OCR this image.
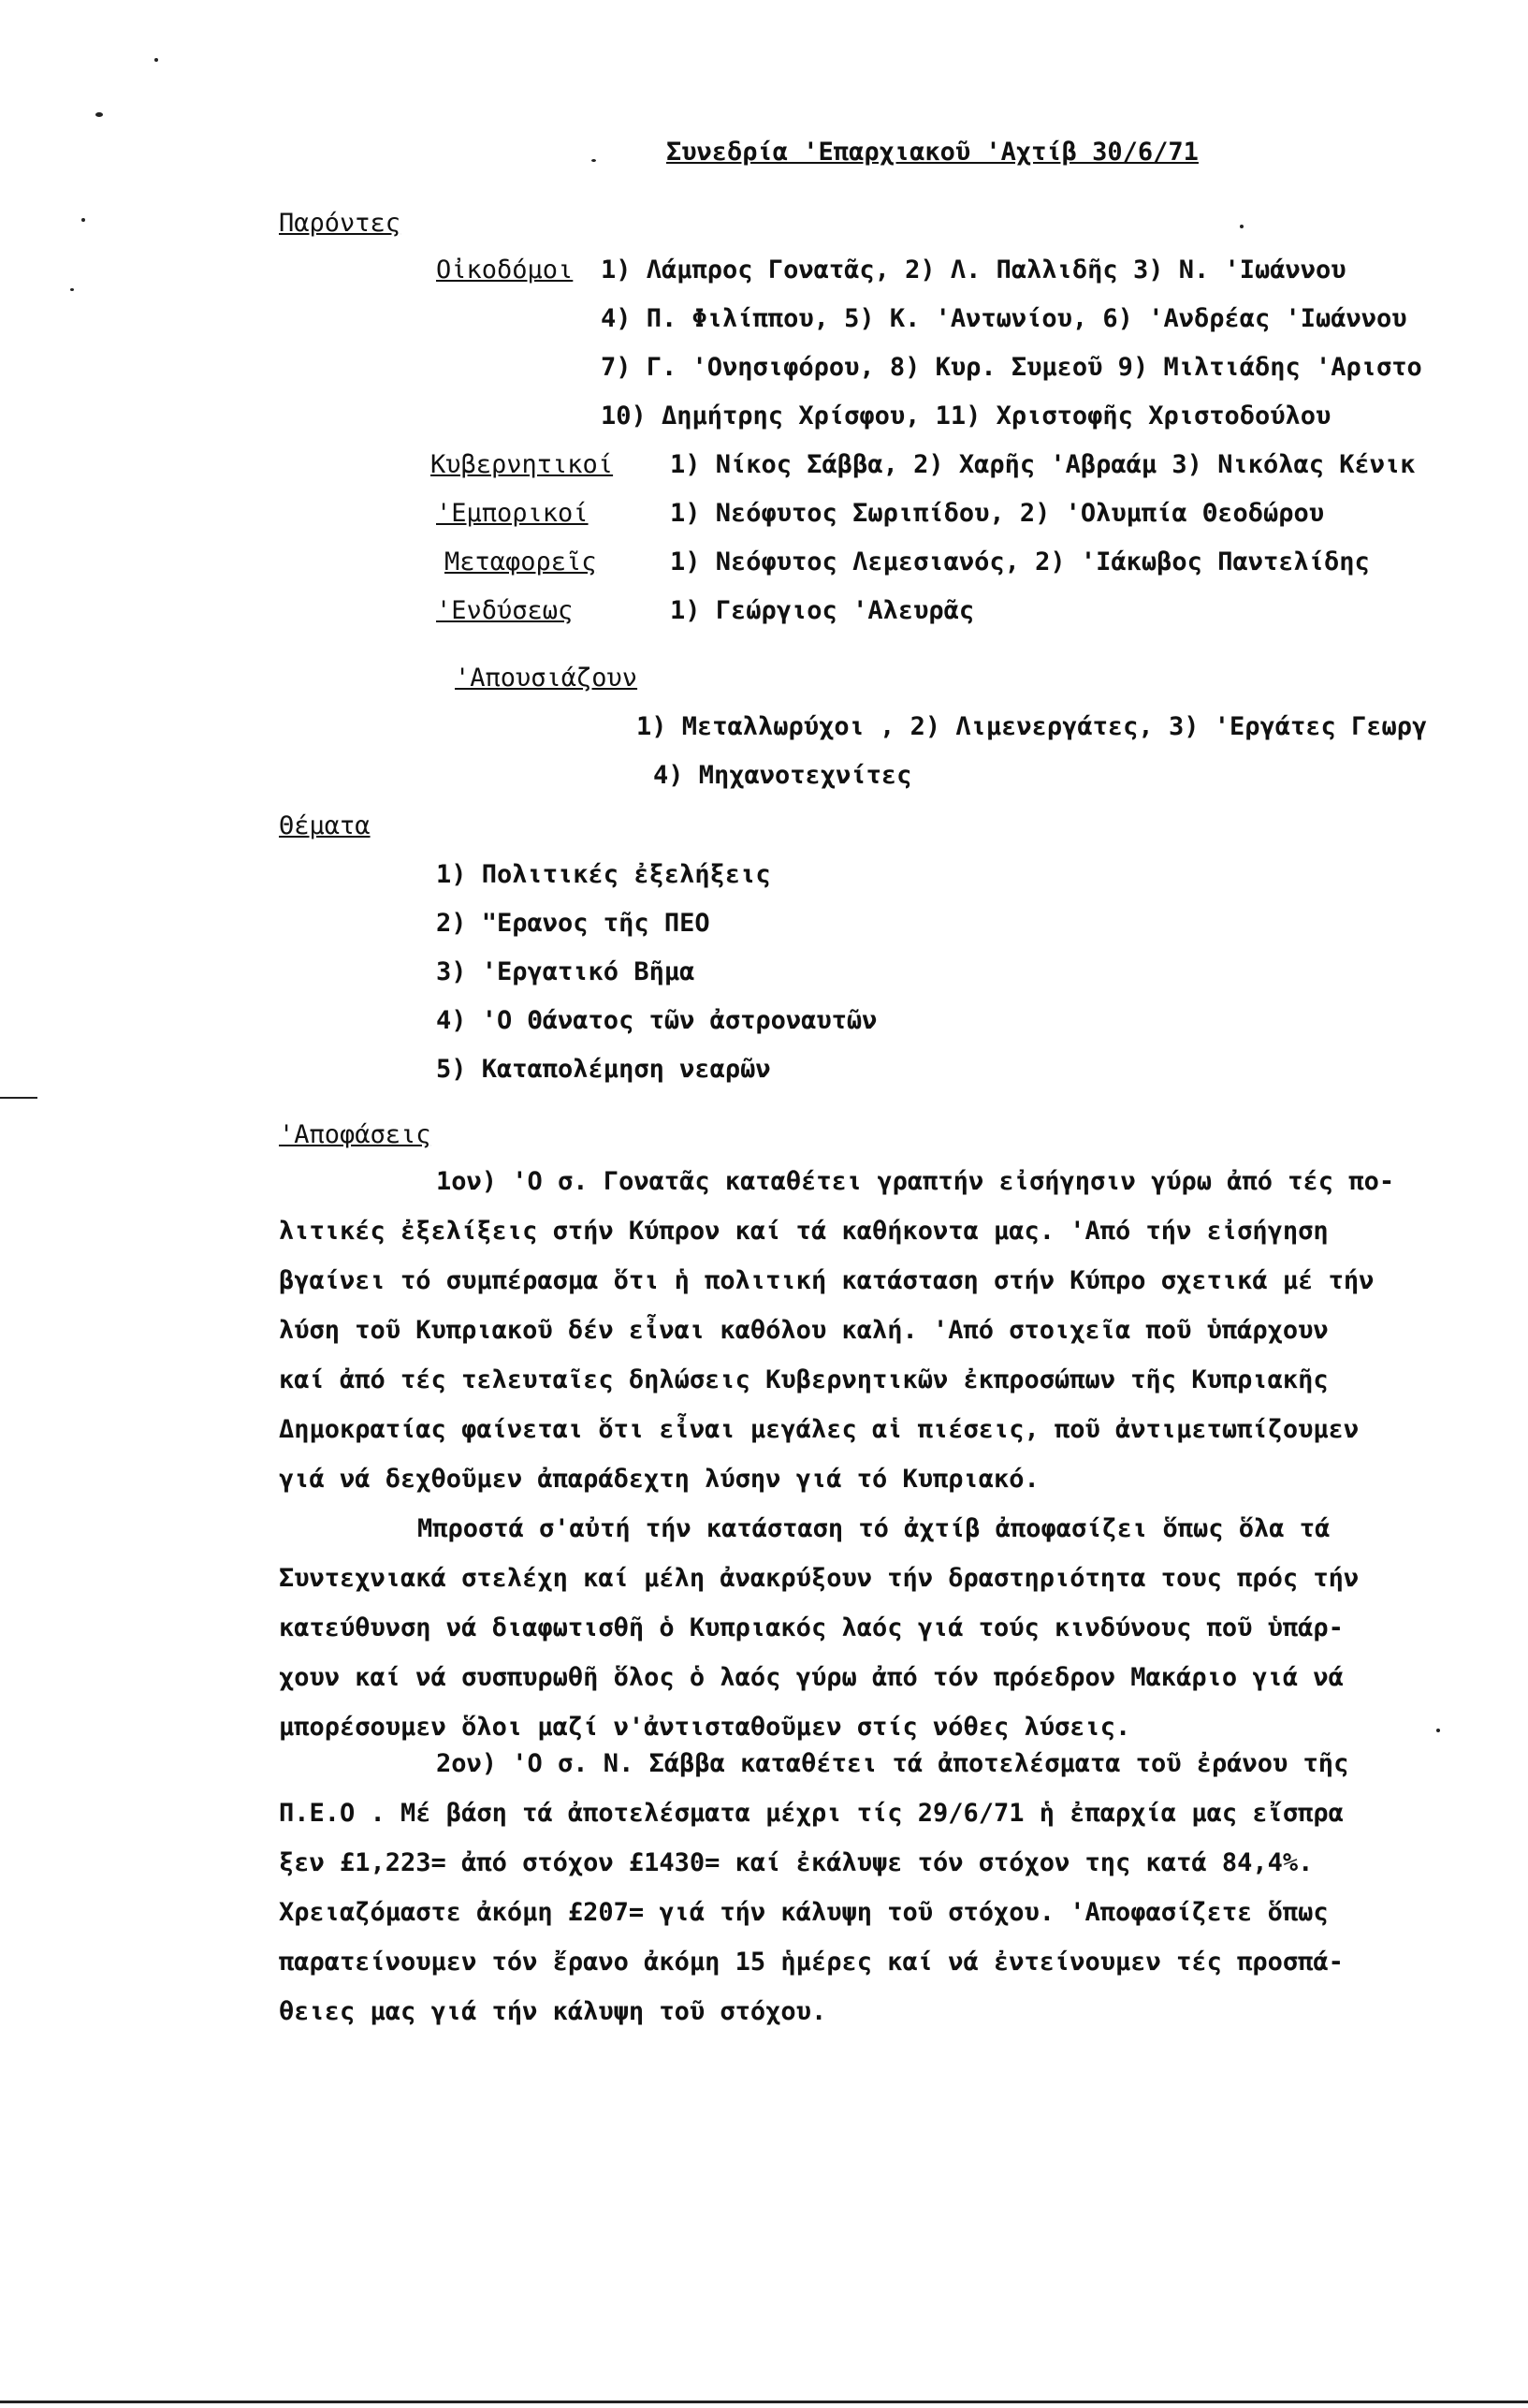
Συνεδρία 'Επαρχιακοῦ 'Αχτίβ 30/6/71
Παρόντες
Οἰκοδόμοι 1) Λάμπρος Γονατᾶς, 2) Λ. Παλλιδῆς 3) Ν. 'Ιωάννου
4) Π. Φιλίππου, 5) Κ. 'Αντωνίου, 6) 'Ανδρέας 'Ιωάννου
7) Γ. 'Ονησιφόρου, 8) Κυρ. Συμεοῦ 9) Μιλτιάδης 'Αριστο
10) Δημήτρης Χρίσφου, 11) Χριστοφῆς Χριστοδούλου
Κυβερνητικοί 1) Νίκος Σάββα, 2) Χαρῆς 'Αβραάμ 3) Νικόλας Κένικ
'Εμπορικοί	1) Νεόφυτος Σωριπίδου, 2) 'Ολυμπία Θεοδώρου
Μεταφορεῖς	1) Νεόφυτος Λεμεσιανός, 2) 'Ιάκωβος Παντελίδης
'Ενδύσεως	1) Γεώργιος 'Αλευρᾶς
'Απουσιάζουν
1) Μεταλλωρύχοι , 2) Λιμενεργάτες, 3) 'Εργάτες Γεωργ
4) Μηχανοτεχνίτες
Θέματα
1) Πολιτικές ἐξελήξεις
2) "Ερανος τῆς ΠΕΟ
3) 'Εργατικό Βῆμα
4) 'Ο Θάνατος τῶν ἀστροναυτῶν
5) Καταπολέμηση νεαρῶν
'Αποφάσεις
1ον) 'Ο σ. Γονατᾶς καταθέτει γραπτήν εἰσήγησιν γύρω ἀπό τές πο-
λιτικές ἐξελίξεις στήν Κύπρον καί τά καθήκοντα μας. 'Από τήν εἰσήγηση
βγαίνει τό συμπέρασμα ὅτι ἡ πολιτική κατάσταση στήν Κύπρο σχετικά μέ τήν
λύση τοῦ Κυπριακοῦ δέν εἶναι καθόλου καλή. 'Από στοιχεῖα ποῦ ὑπάρχουν
καί ἀπό τές τελευταῖες δηλώσεις Κυβερνητικῶν ἐκπροσώπων τῆς Κυπριακῆς
Δημοκρατίας φαίνεται ὅτι εἶναι μεγάλες αἱ πιέσεις, ποῦ ἀντιμετωπίζουμεν
γιά νά δεχθοῦμεν ἀπαράδεχτη λύσην γιά τό Κυπριακό.
Μπροστά σ'αὐτή τήν κατάσταση τό ἀχτίβ ἀποφασίζει ὅπως ὅλα τά
Συντεχνιακά στελέχη καί μέλη ἀνακρύξουν τήν δραστηριότητα τους πρός τήν
κατεύθυνση νά διαφωτισθῆ ὁ Κυπριακός λαός γιά τούς κινδύνους ποῦ ὑπάρ-
χουν καί νά συσπυρωθῆ ὅλος ὁ λαός γύρω ἀπό τόν πρόεδρον Μακάριο γιά νά
μπορέσουμεν ὅλοι μαζί ν'ἀντισταθοῦμεν στίς νόθες λύσεις.
2ον) 'Ο σ. Ν. Σάββα καταθέτει τά ἀποτελέσματα τοῦ ἐράνου τῆς
Π.Ε.Ο . Μέ βάση τά ἀποτελέσματα μέχρι τίς 29/6/71 ἡ ἐπαρχία μας εἴσπρα
ξεν £1,223= ἀπό στόχον £1430= καί ἐκάλυψε τόν στόχον της κατά 84,4%.
Χρειαζόμαστε ἀκόμη £207= γιά τήν κάλυψη τοῦ στόχου. 'Αποφασίζετε ὅπως
παρατείνουμεν τόν ἔρανο ἀκόμη 15 ἡμέρες καί νά ἐντείνουμεν τές προσπά-
θειες μας γιά τήν κάλυψη τοῦ στόχου.
